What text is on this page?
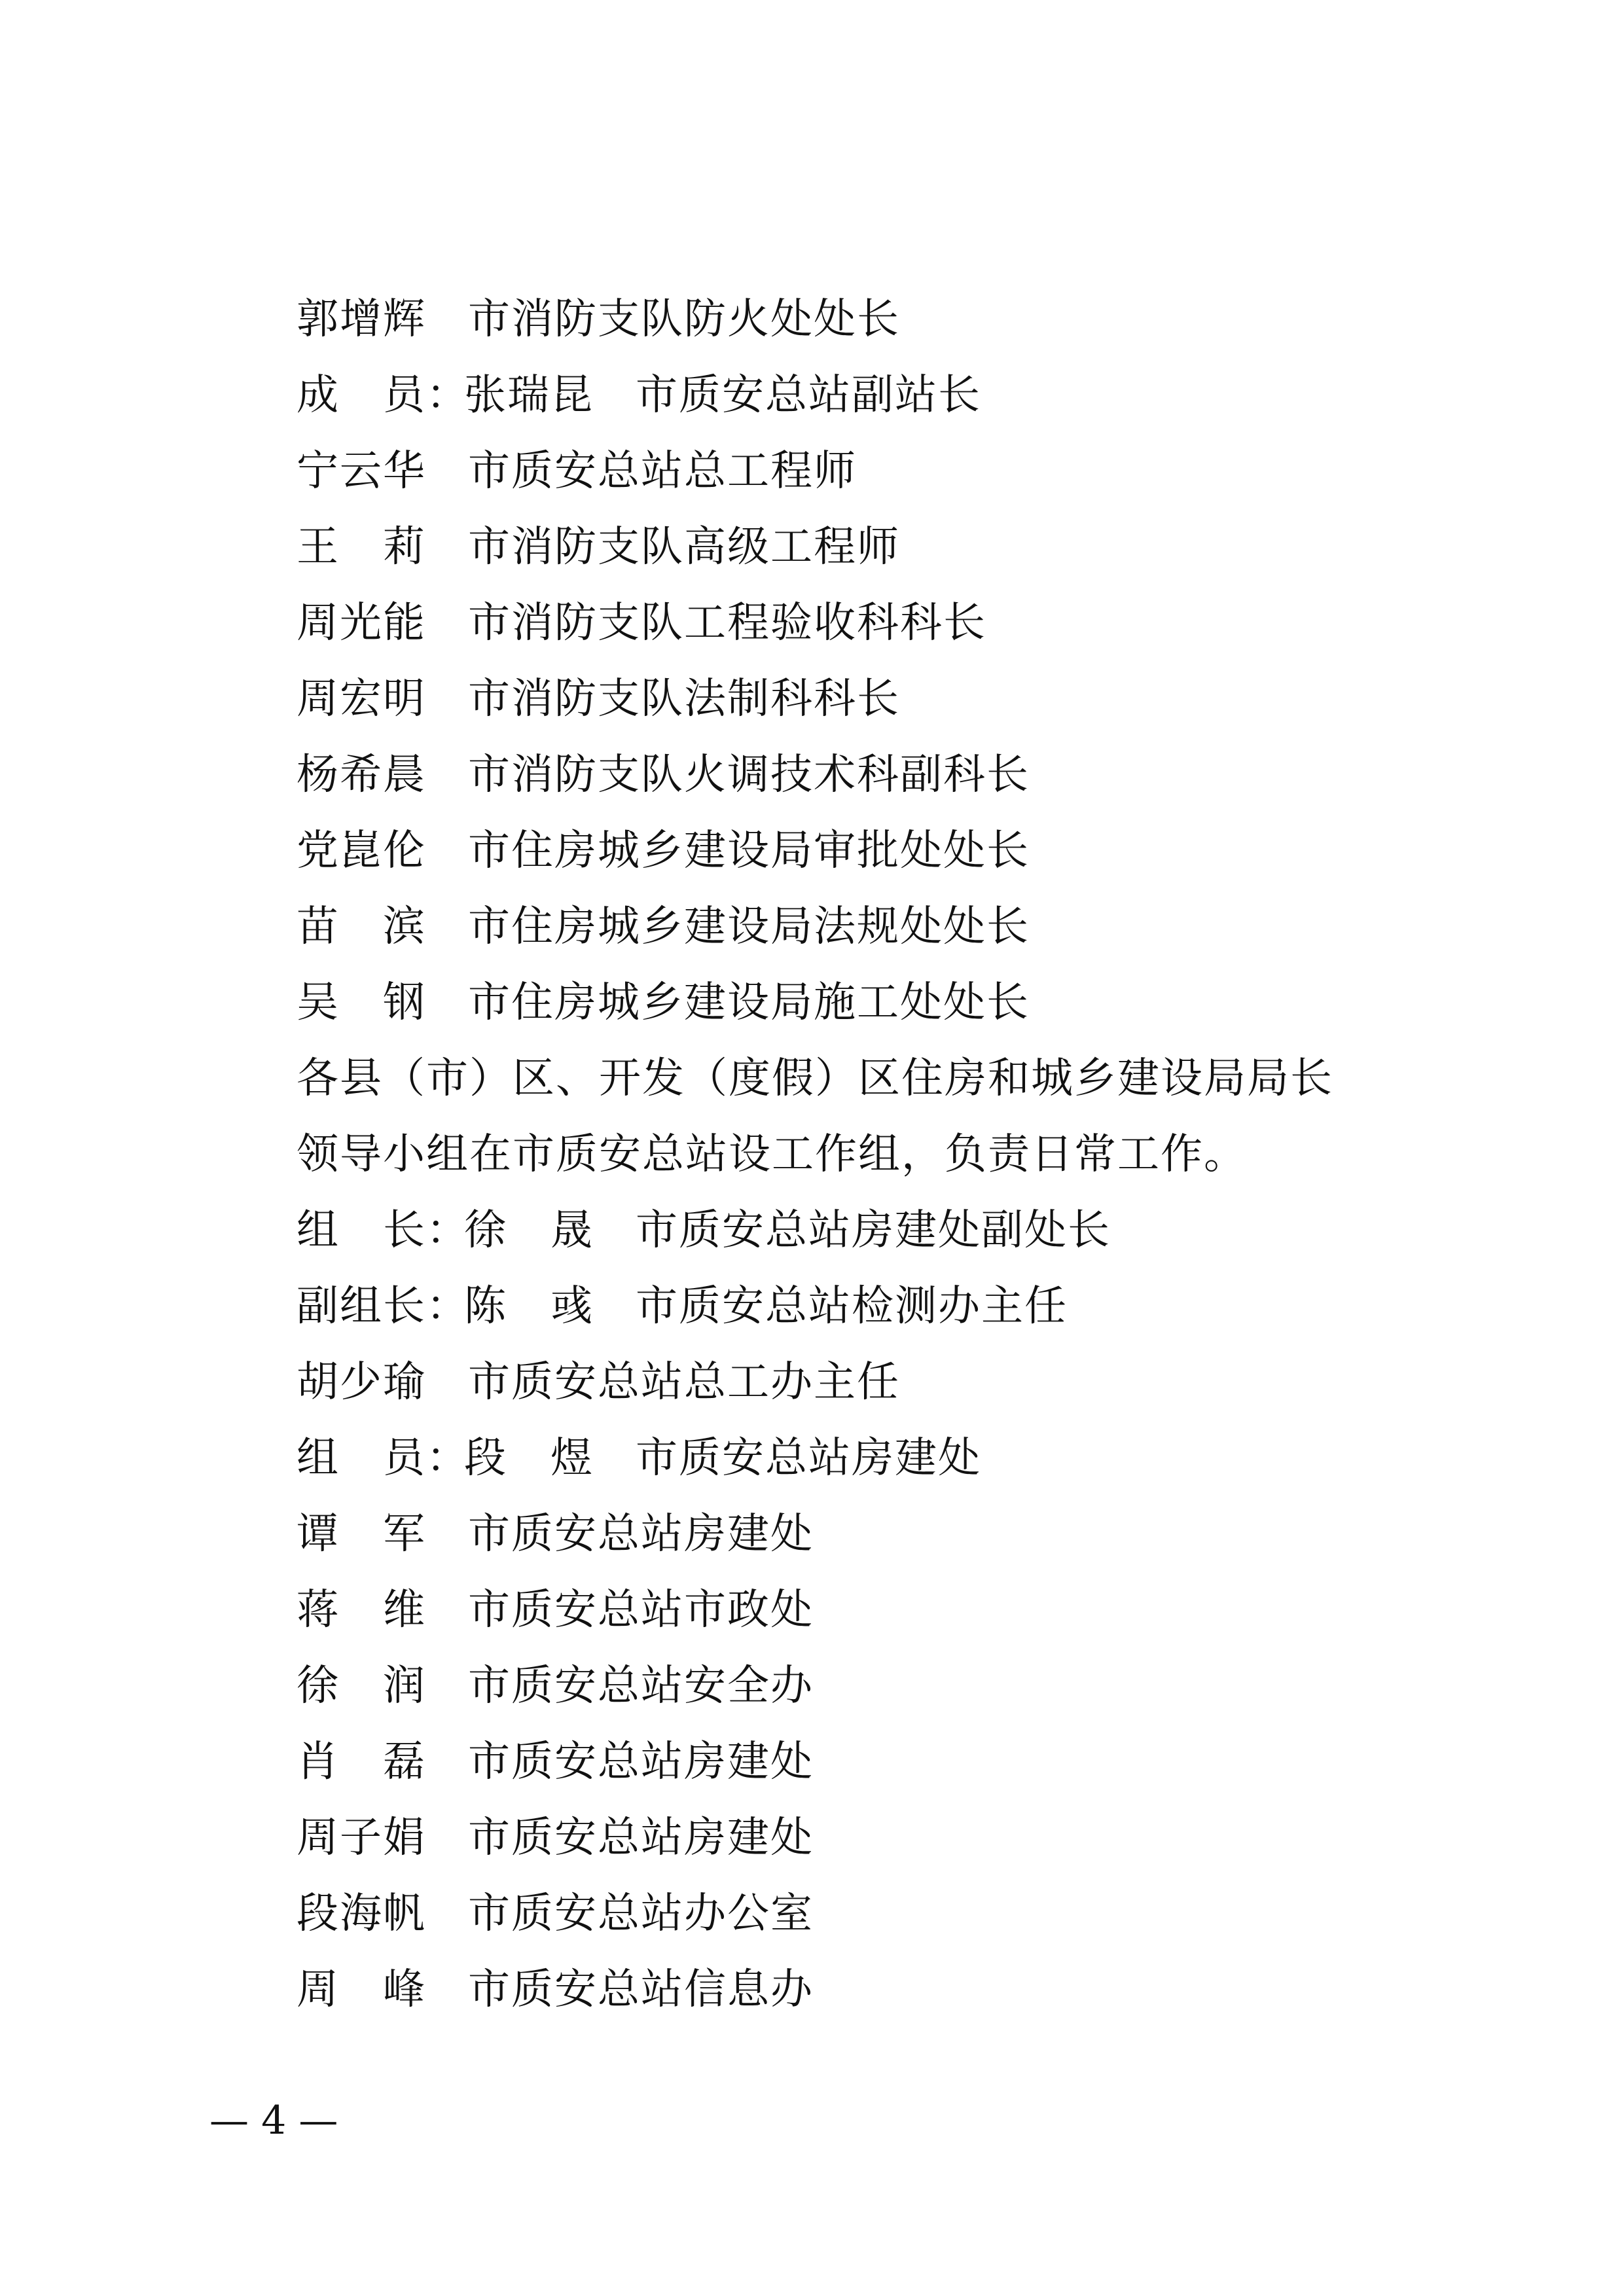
郭增辉 市消防支队防火处处长
成　员：张瑞昆 市质安总站副站长
宁云华 市质安总站总工程师
王　莉 市消防支队高级工程师
周光能 市消防支队工程验收科科长
周宏明 市消防支队法制科科长
杨希晨 市消防支队火调技术科副科长
党崑伦 市住房城乡建设局审批处处长
苗　滨 市住房城乡建设局法规处处长
吴　钢 市住房城乡建设局施工处处长
各县（市）区、开发（度假）区住房和城乡建设局局长
领导小组在市质安总站设工作组，负责日常工作。
组　长：徐　晟 市质安总站房建处副处长
副组长：陈　彧 市质安总站检测办主任
胡少瑜 市质安总站总工办主任
组　员：段　煜 市质安总站房建处
谭　军 市质安总站房建处
蒋　维 市质安总站市政处
徐　润 市质安总站安全办
肖　磊 市质安总站房建处
周子娟 市质安总站房建处
段海帆 市质安总站办公室
周　峰 市质安总站信息办
— 4 —
